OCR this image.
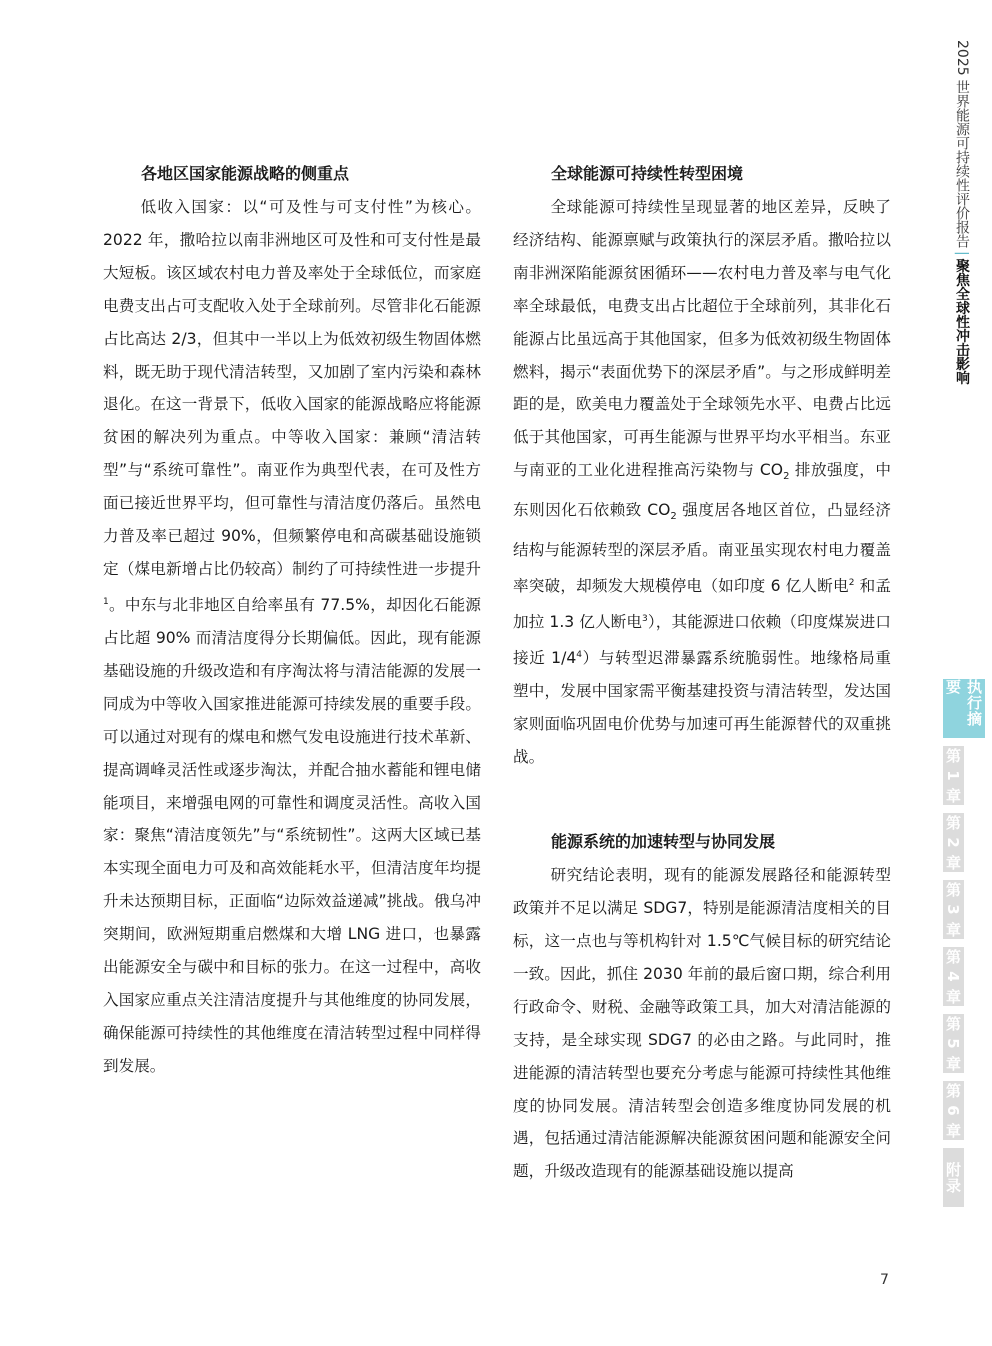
各地区国家能源战略的侧重点

低收入国家：以“可及性与可支付性”为核心。2022 年，撒哈拉以南非洲地区可及性和可支付性是最大短板。该区域农村电力普及率处于全球低位，而家庭电费支出占可支配收入处于全球前列。尽管非化石能源占比高达 2/3，但其中一半以上为低效初级生物固体燃料，既无助于现代清洁转型，又加剧了室内污染和森林退化。在这一背景下，低收入国家的能源战略应将能源贫困的解决列为重点。中等收入国家：兼顾“清洁转型”与“系统可靠性”。南亚作为典型代表，在可及性方面已接近世界平均，但可靠性与清洁度仍落后。虽然电力普及率已超过 90%，但频繁停电和高碳基础设施锁定（煤电新增占比仍较高）制约了可持续性进一步提升$^1$。中东与北非地区自给率虽有 77.5%，却因化石能源占比超 90% 而清洁度得分长期偏低。因此，现有能源基础设施的升级改造和有序淘汰将与清洁能源的发展一同成为中等收入国家推进能源可持续发展的重要手段。可以通过对现有的煤电和燃气发电设施进行技术革新、提高调峰灵活性或逐步淘汰，并配合抽水蓄能和锂电储能项目，来增强电网的可靠性和调度灵活性。高收入国家：聚焦“清洁度领先”与“系统韧性”。这两大区域已基本实现全面电力可及和高效能耗水平，但清洁度年均提升未达预期目标，正面临“边际效益递减”挑战。俄乌冲突期间，欧洲短期重启燃煤和大增 LNG 进口，也暴露出能源安全与碳中和目标的张力。在这一过程中，高收入国家应重点关注清洁度提升与其他维度的协同发展，确保能源可持续性的其他维度在清洁转型过程中同样得到发展。

全球能源可持续性转型困境

全球能源可持续性呈现显著的地区差异，反映了经济结构、能源禀赋与政策执行的深层矛盾。撒哈拉以南非洲深陷能源贫困循环——农村电力普及率与电气化率全球最低，电费支出占比超位于全球前列，其非化石能源占比虽远高于其他国家，但多为低效初级生物固体燃料，揭示“表面优势下的深层矛盾”。与之形成鲜明差距的是，欧美电力覆盖处于全球领先水平、电费占比远低于其他国家，可再生能源与世界平均水平相当。东亚与南亚的工业化进程推高污染物与 $CO_2$ 排放强度，中东则因化石依赖致 $CO_2$ 强度居各地区首位，凸显经济结构与能源转型的深层矛盾。南亚虽实现农村电力覆盖率突破，却频发大规模停电（如印度 6 亿人断电$^2$ 和孟加拉 1.3 亿人断电$^3$），其能源进口依赖（印度煤炭进口接近 $1/4^4$）与转型迟滞暴露系统脆弱性。地缘格局重塑中，发展中国家需平衡基建投资与清洁转型，发达国家则面临巩固电价优势与加速可再生能源替代的双重挑战。

能源系统的加速转型与协同发展

研究结论表明，现有的能源发展路径和能源转型政策并不足以满足 SDG7，特别是能源清洁度相关的目标，这一点也与等机构针对 1.5℃气候目标的研究结论一致。因此，抓住 2030 年前的最后窗口期，综合利用行政命令、财税、金融等政策工具，加大对清洁能源的支持，是全球实现 SDG7 的必由之路。与此同时，推进能源的清洁转型也要充分考虑与能源可持续性其他维度的协同发展。清洁转型会创造多维度协同发展的机遇，包括通过清洁能源解决能源贫困问题和能源安全问题，升级改造现有的能源基础设施以提高

2025 世界能源可持续性评价报告|聚焦全球性冲击影响
执行摘要
第 1 章
第 2 章
第 3 章
第 4 章
第 5 章
第 6 章
附录
7
